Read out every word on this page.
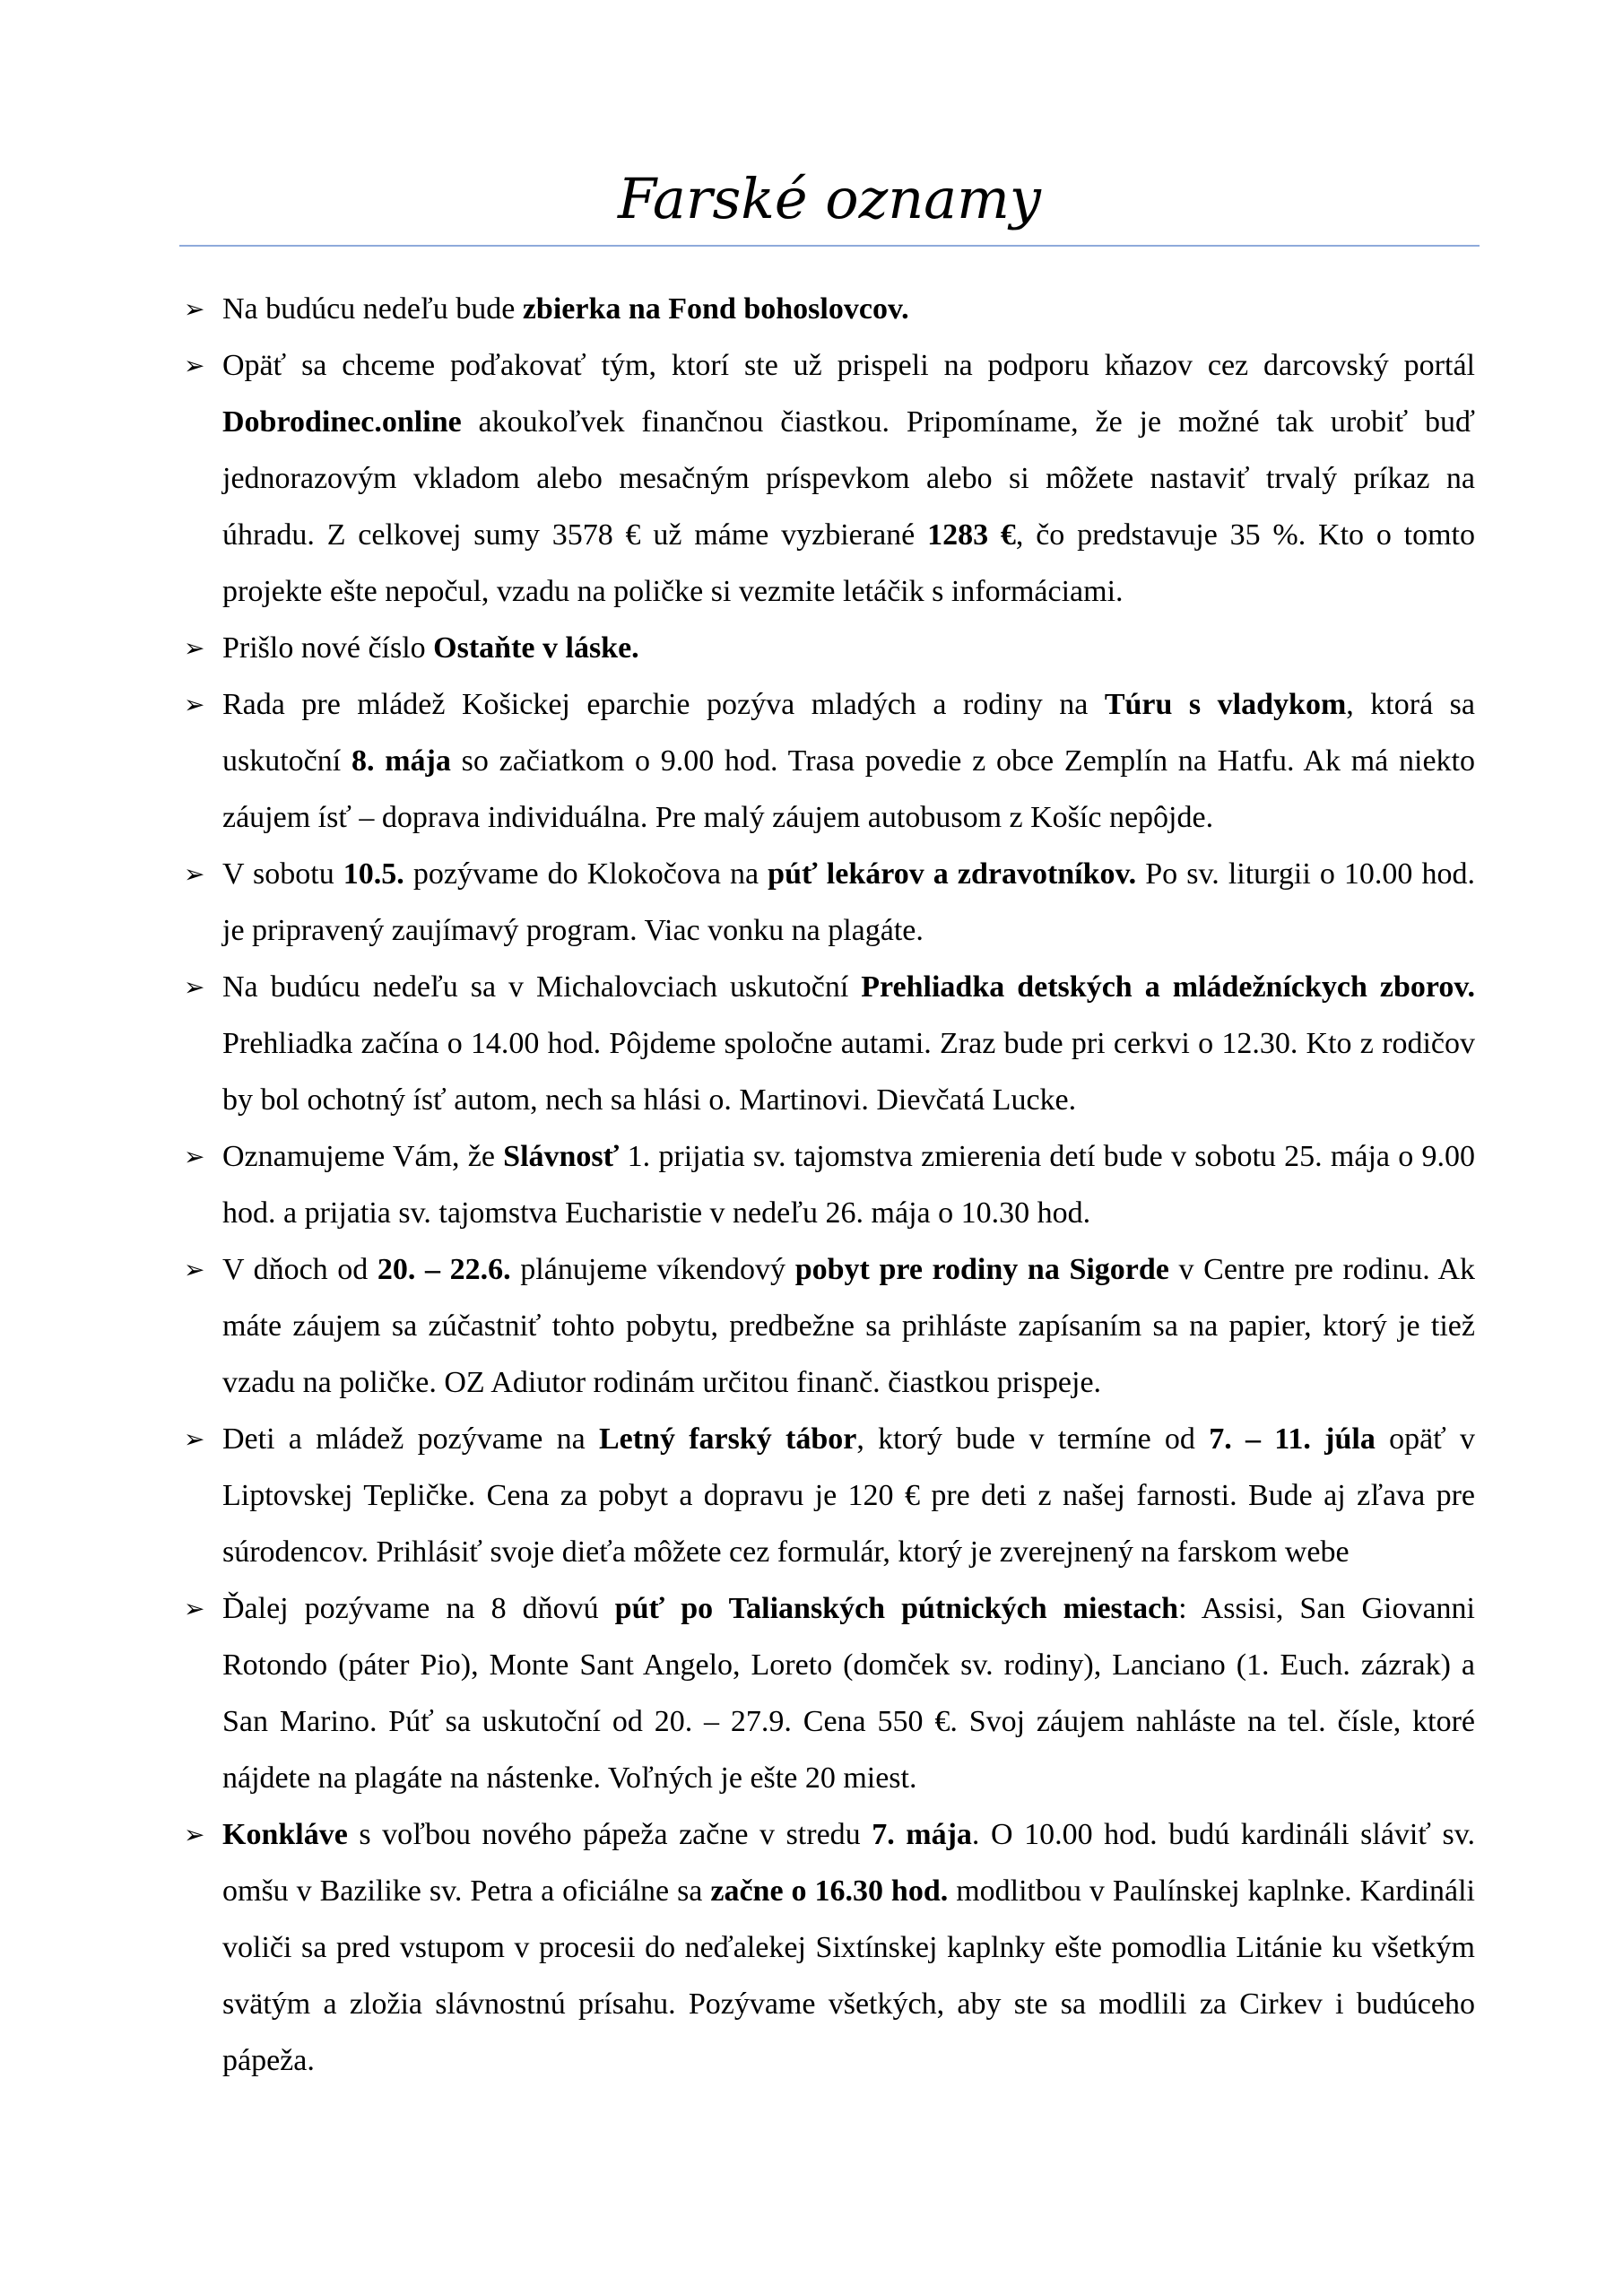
Farské oznamy
➢ Na budúcu nedeľu bude zbierka na Fond bohoslovcov.
➢ Opäť sa chceme poďakovať tým, ktorí ste už prispeli na podporu kňazov cez darcovský portál Dobrodinec.online akoukoľvek finančnou čiastkou. Pripomíname, že je možné tak urobiť buď jednorazovým vkladom alebo mesačným príspevkom alebo si môžete nastaviť trvalý príkaz na úhradu. Z celkovej sumy 3578 € už máme vyzbierané 1283 €, čo predstavuje 35 %. Kto o tomto projekte ešte nepočul, vzadu na poličke si vezmite letáčik s informáciami.
➢ Prišlo nové číslo Ostaňte v láske.
➢ Rada pre mládež Košickej eparchie pozýva mladých a rodiny na Túru s vladykom, ktorá sa uskutoční 8. mája so začiatkom o 9.00 hod. Trasa povedie z obce Zemplín na Hatfu. Ak má niekto záujem ísť – doprava individuálna. Pre malý záujem autobusom z Košíc nepôjde.
➢ V sobotu 10.5. pozývame do Klokočova na púť lekárov a zdravotníkov. Po sv. liturgii o 10.00 hod. je pripravený zaujímavý program. Viac vonku na plagáte.
➢ Na budúcu nedeľu sa v Michalovciach uskutoční Prehliadka detských a mládežníckych zborov. Prehliadka začína o 14.00 hod. Pôjdeme spoločne autami. Zraz bude pri cerkvi o 12.30. Kto z rodičov by bol ochotný ísť autom, nech sa hlási o. Martinovi. Dievčatá Lucke.
➢ Oznamujeme Vám, že Slávnosť 1. prijatia sv. tajomstva zmierenia detí bude v sobotu 25. mája o 9.00 hod. a prijatia sv. tajomstva Eucharistie v nedeľu 26. mája o 10.30 hod.
➢ V dňoch od 20. – 22.6. plánujeme víkendový pobyt pre rodiny na Sigorde v Centre pre rodinu. Ak máte záujem sa zúčastniť tohto pobytu, predbežne sa prihláste zapísaním sa na papier, ktorý je tiež vzadu na poličke. OZ Adiutor rodinám určitou finanč. čiastkou prispeje.
➢ Deti a mládež pozývame na Letný farský tábor, ktorý bude v termíne od 7. – 11. júla opäť v Liptovskej Tepličke. Cena za pobyt a dopravu je 120 € pre deti z našej farnosti. Bude aj zľava pre súrodencov. Prihlásiť svoje dieťa môžete cez formulár, ktorý je zverejnený na farskom webe
➢ Ďalej pozývame na 8 dňovú púť po Talianských pútnických miestach: Assisi, San Giovanni Rotondo (páter Pio), Monte Sant Angelo, Loreto (domček sv. rodiny), Lanciano (1. Euch. zázrak) a San Marino. Púť sa uskutoční od 20. – 27.9. Cena 550 €. Svoj záujem nahláste na tel. čísle, ktoré nájdete na plagáte na nástenke. Voľných je ešte 20 miest.
➢ Konkláve s voľbou nového pápeža začne v stredu 7. mája. O 10.00 hod. budú kardináli sláviť sv. omšu v Bazilike sv. Petra a oficiálne sa začne o 16.30 hod. modlitbou v Paulínskej kaplnke. Kardináli voliči sa pred vstupom v procesii do neďalekej Sixtínskej kaplnky ešte pomodlia Litánie ku všetkým svätým a zložia slávnostnú prísahu. Pozývame všetkých, aby ste sa modlili za Cirkev i budúceho pápeža.
